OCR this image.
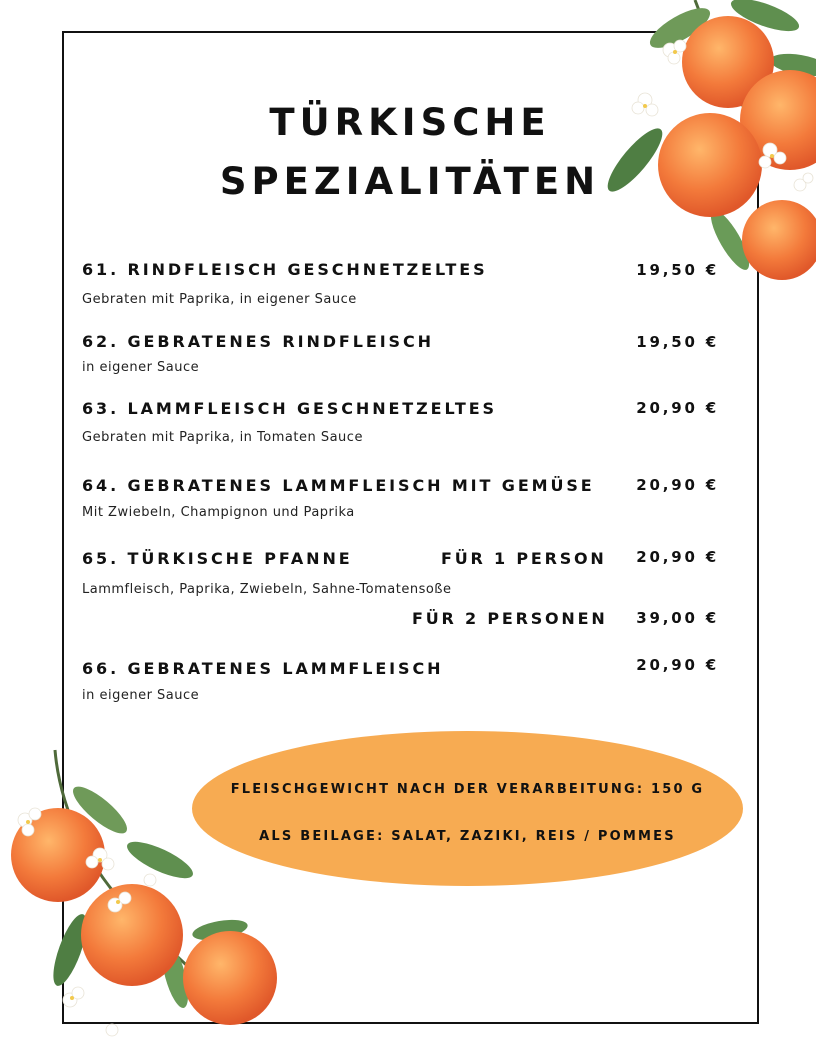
TÜRKISCHE
SPEZIALITÄTEN
61. RINDFLEISCH GESCHNETZELTES	19,50 €
Gebraten mit Paprika, in eigener Sauce
62. GEBRATENES RINDFLEISCH	19,50 €
in eigener Sauce
63. LAMMFLEISCH GESCHNETZELTES	20,90 €
Gebraten mit Paprika, in Tomaten Sauce
64. GEBRATENES LAMMFLEISCH MIT GEMÜSE	20,90 €
Mit Zwiebeln, Champignon und Paprika
65. TÜRKISCHE PFANNE	FÜR 1 PERSON 20,90 €
Lammfleisch, Paprika, Zwiebeln, Sahne-Tomatensoße
FÜR 2 PERSONEN 39,00 €
66. GEBRATENES LAMMFLEISCH	20,90 €
in eigener Sauce
FLEISCHGEWICHT NACH DER VERARBEITUNG: 150 G
ALS BEILAGE: SALAT, ZAZIKI, REIS / POMMES
